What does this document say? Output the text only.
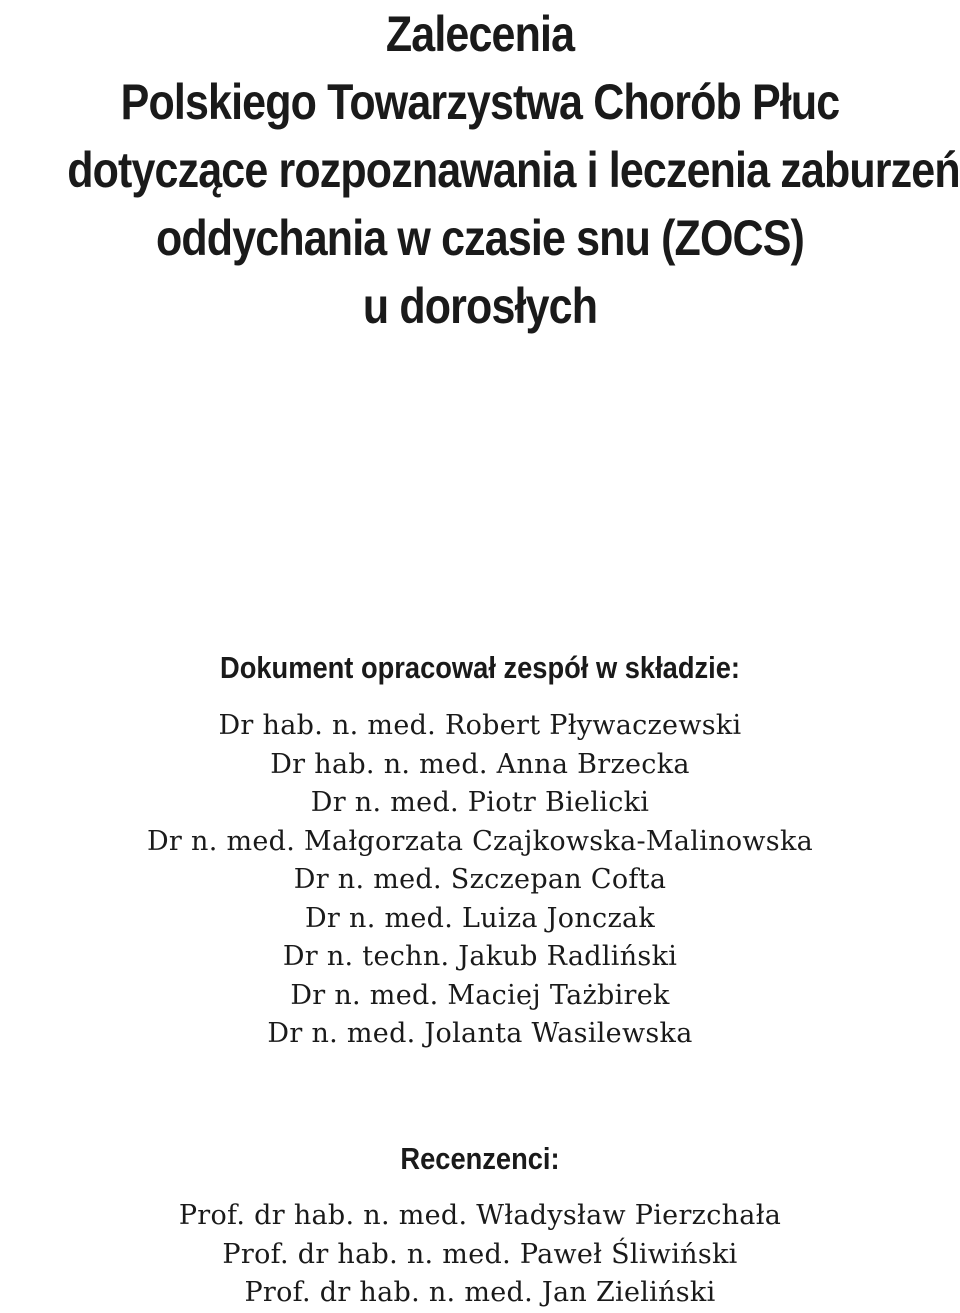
Zalecenia
Polskiego Towarzystwa Chorób Płuc
dotyczące rozpoznawania i leczenia zaburzeń
oddychania w czasie snu (ZOCS)
u dorosłych
Dokument opracował zespół w składzie:
Dr hab. n. med. Robert Pływaczewski
Dr hab. n. med. Anna Brzecka
Dr n. med. Piotr Bielicki
Dr n. med. Małgorzata Czajkowska-Malinowska
Dr n. med. Szczepan Cofta
Dr n. med. Luiza Jonczak
Dr n. techn. Jakub Radliński
Dr n. med. Maciej Tażbirek
Dr n. med. Jolanta Wasilewska
Recenzenci:
Prof. dr hab. n. med. Władysław Pierzchała
Prof. dr hab. n. med. Paweł Śliwiński
Prof. dr hab. n. med. Jan Zieliński
